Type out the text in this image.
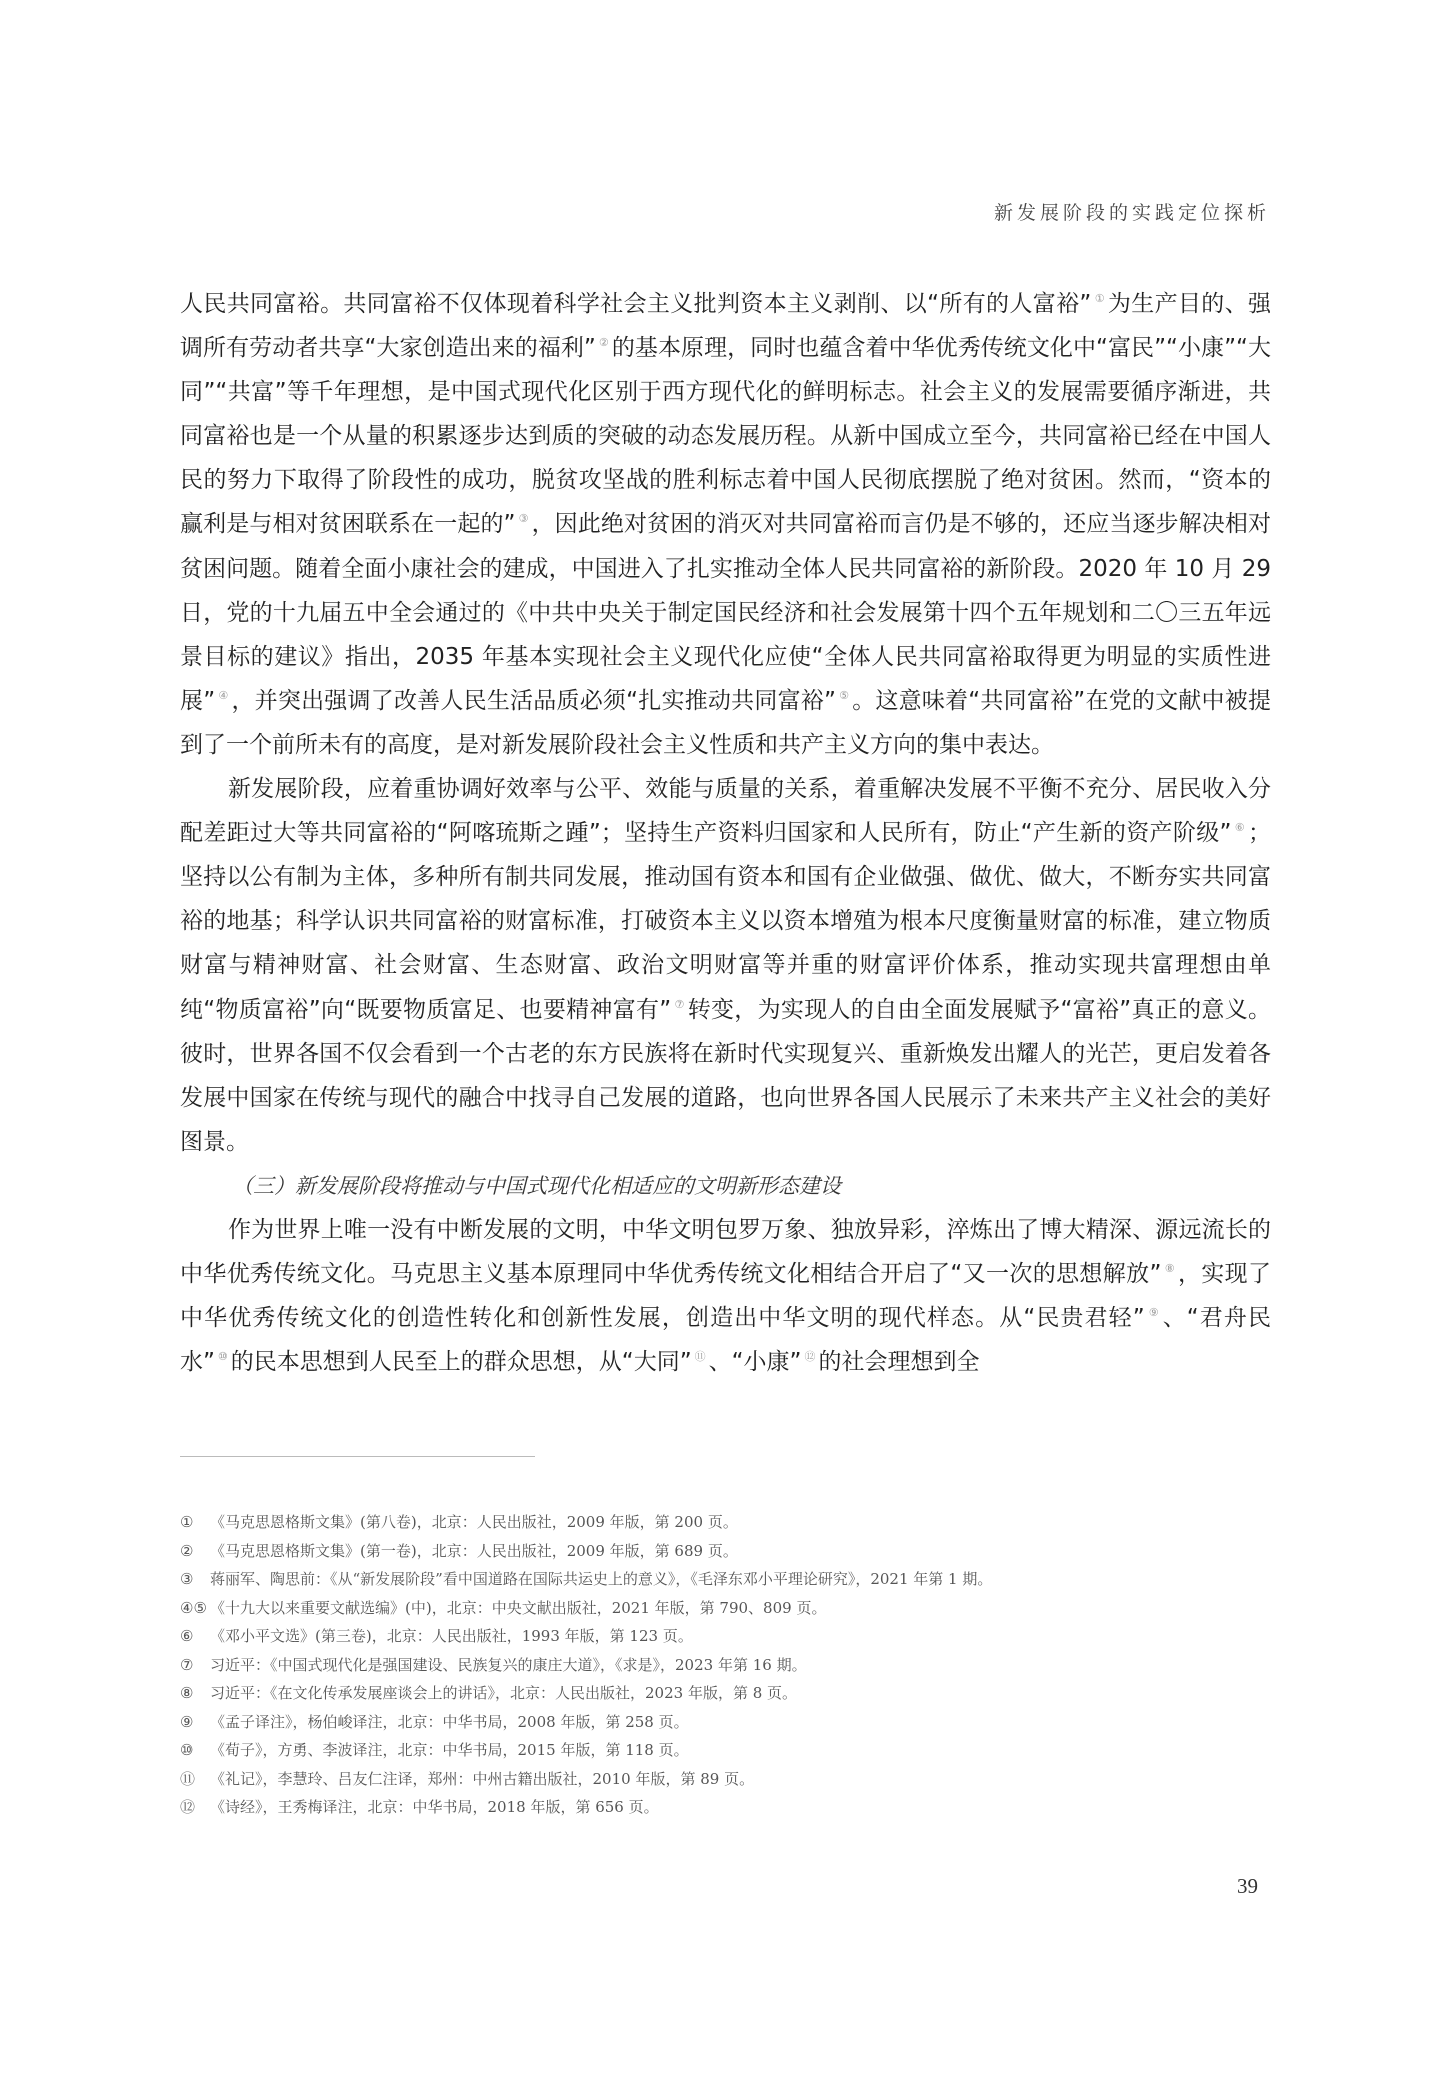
新发展阶段的实践定位探析

人民共同富裕。共同富裕不仅体现着科学社会主义批判资本主义剥削、以“所有的人富裕” ① 为生产目的、强调所有劳动者共享“大家创造出来的福利” ② 的基本原理，同时也蕴含着中华优秀传统文化中“富民”“小康”“大同”“共富”等千年理想，是中国式现代化区别于西方现代化的鲜明标志。社会主义的发展需要循序渐进，共同富裕也是一个从量的积累逐步达到质的突破的动态发展历程。从新中国成立至今，共同富裕已经在中国人民的努力下取得了阶段性的成功，脱贫攻坚战的胜利标志着中国人民彻底摆脱了绝对贫困。然而，“资本的赢利是与相对贫困联系在一起的” ③ ，因此绝对贫困的消灭对共同富裕而言仍是不够的，还应当逐步解决相对贫困问题。随着全面小康社会的建成，中国进入了扎实推动全体人民共同富裕的新阶段。2020 年 10 月 29 日，党的十九届五中全会通过的《中共中央关于制定国民经济和社会发展第十四个五年规划和二〇三五年远景目标的建议》指出，2035 年基本实现社会主义现代化应使“全体人民共同富裕取得更为明显的实质性进展” ④ ，并突出强调了改善人民生活品质必须“扎实推动共同富裕” ⑤ 。这意味着“共同富裕”在党的文献中被提到了一个前所未有的高度，是对新发展阶段社会主义性质和共产主义方向的集中表达。

新发展阶段，应着重协调好效率与公平、效能与质量的关系，着重解决发展不平衡不充分、居民收入分配差距过大等共同富裕的“阿喀琉斯之踵”；坚持生产资料归国家和人民所有，防止“产生新的资产阶级” ⑥ ；坚持以公有制为主体，多种所有制共同发展，推动国有资本和国有企业做强、做优、做大，不断夯实共同富裕的地基；科学认识共同富裕的财富标准，打破资本主义以资本增殖为根本尺度衡量财富的标准，建立物质财富与精神财富、社会财富、生态财富、政治文明财富等并重的财富评价体系，推动实现共富理想由单纯“物质富裕”向“既要物质富足、也要精神富有” ⑦ 转变，为实现人的自由全面发展赋予“富裕”真正的意义。彼时，世界各国不仅会看到一个古老的东方民族将在新时代实现复兴、重新焕发出耀人的光芒，更启发着各发展中国家在传统与现代的融合中找寻自己发展的道路，也向世界各国人民展示了未来共产主义社会的美好图景。

（三）新发展阶段将推动与中国式现代化相适应的文明新形态建设

作为世界上唯一没有中断发展的文明，中华文明包罗万象、独放异彩，淬炼出了博大精深、源远流长的中华优秀传统文化。马克思主义基本原理同中华优秀传统文化相结合开启了“又一次的思想解放” ⑧ ，实现了中华优秀传统文化的创造性转化和创新性发展，创造出中华文明的现代样态。从“民贵君轻” ⑨ 、“君舟民水” ⑩ 的民本思想到人民至上的群众思想，从“大同” ⑪ 、“小康” ⑫ 的社会理想到全

① 《马克思恩格斯文集》(第八卷)，北京：人民出版社，2009 年版，第 200 页。
② 《马克思恩格斯文集》(第一卷)，北京：人民出版社，2009 年版，第 689 页。
③ 蒋丽军、陶思前：《从“新发展阶段”看中国道路在国际共运史上的意义》，《毛泽东邓小平理论研究》，2021 年第 1 期。
④⑤ 《十九大以来重要文献选编》(中)，北京：中央文献出版社，2021 年版，第 790、809 页。
⑥ 《邓小平文选》(第三卷)，北京：人民出版社，1993 年版，第 123 页。
⑦ 习近平：《中国式现代化是强国建设、民族复兴的康庄大道》，《求是》，2023 年第 16 期。
⑧ 习近平：《在文化传承发展座谈会上的讲话》，北京：人民出版社，2023 年版，第 8 页。
⑨ 《孟子译注》，杨伯峻译注，北京：中华书局，2008 年版，第 258 页。
⑩ 《荀子》，方勇、李波译注，北京：中华书局，2015 年版，第 118 页。
⑪ 《礼记》，李慧玲、吕友仁注译，郑州：中州古籍出版社，2010 年版，第 89 页。
⑫ 《诗经》，王秀梅译注，北京：中华书局，2018 年版，第 656 页。
39
